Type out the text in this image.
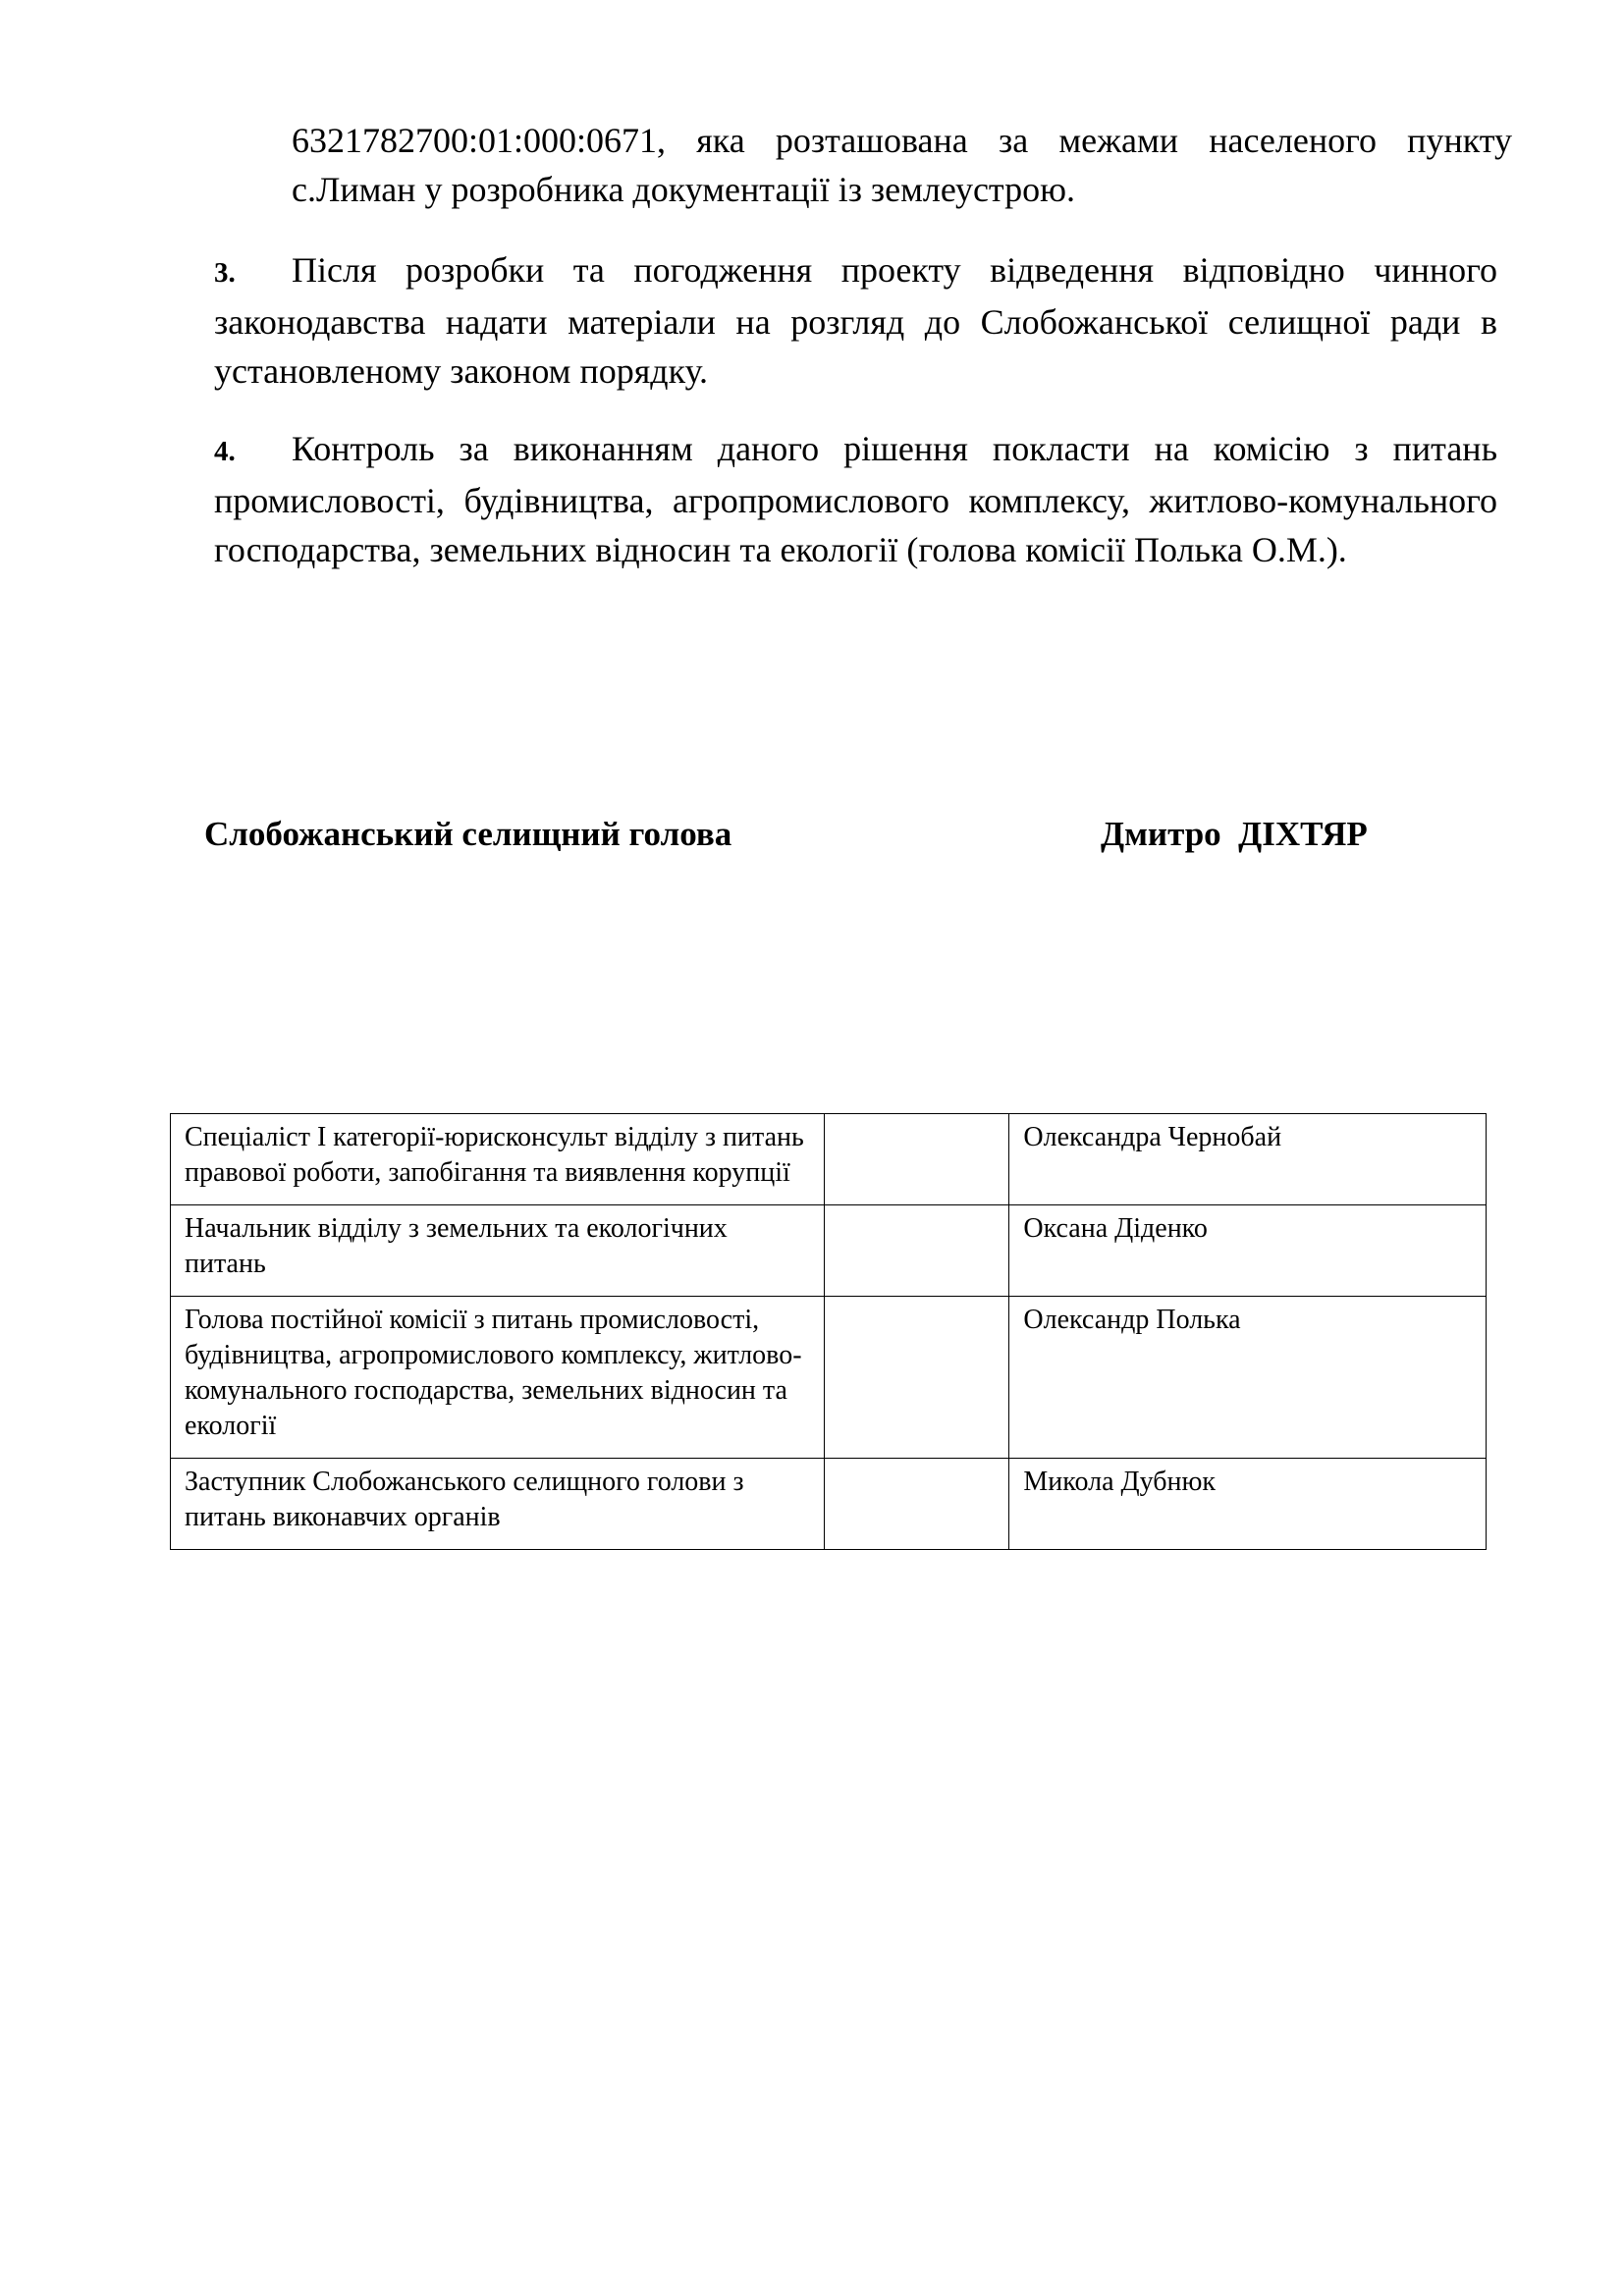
6321782700:01:000:0671, яка розташована за межами населеного пункту с.Лиман у розробника документації із землеустрою.
3. Після розробки та погодження проекту відведення відповідно чинного законодавства надати матеріали на розгляд до Слобожанської селищної ради в установленому законом порядку.
4. Контроль за виконанням даного рішення покласти на комісію з питань промисловості, будівництва, агропромислового комплексу, житлово-комунального господарства, земельних відносин та екології (голова комісії Полька О.М.).
Слобожанський селищний голова	Дмитро  ДІХТЯР
Спеціаліст І категорії-юрисконсульт відділу з питань правової роботи, запобігання та виявлення корупції		Олександра Чернобай
Начальник відділу з земельних та екологічних питань		Оксана Діденко
Голова постійної комісії з питань промисловості, будівництва, агропромислового комплексу, житлово-комунального господарства, земельних відносин та екології		Олександр Полька
Заступник Слобожанського селищного голови з питань виконавчих органів		Микола Дубнюк
